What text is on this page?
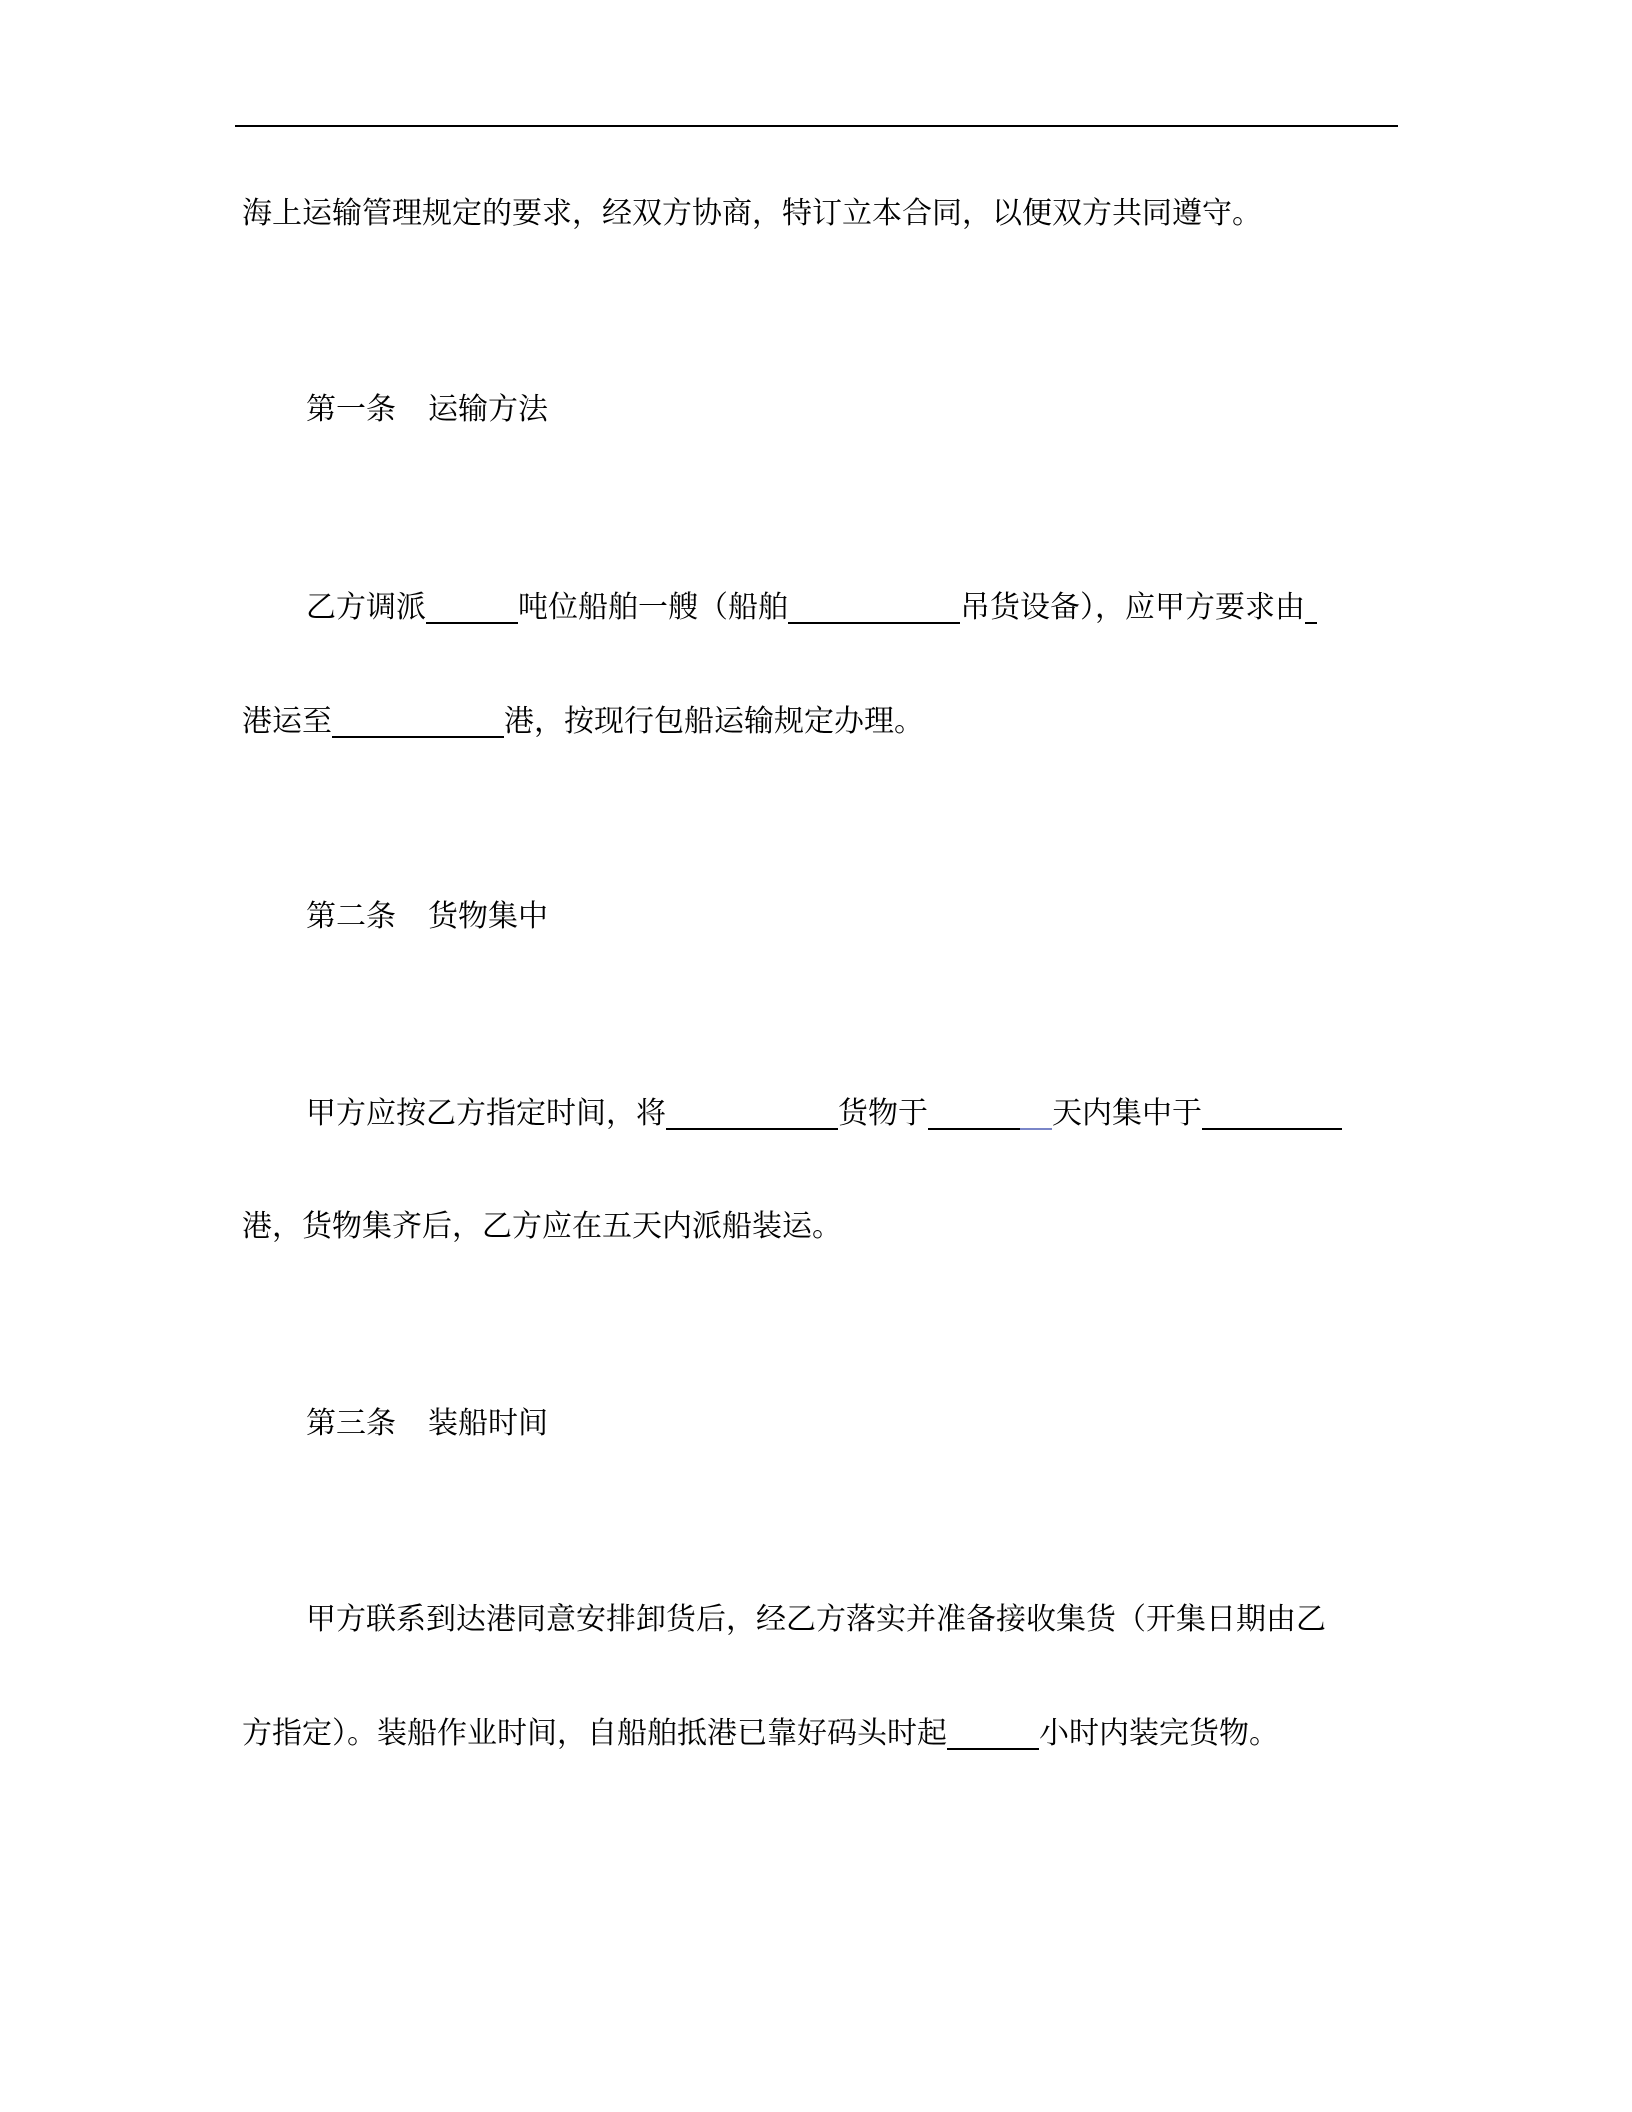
海上运输管理规定的要求，经双方协商，特订立本合同，以便双方共同遵守。

第一条 运输方法

乙方调派	吨位船舶一艘（船舶	吊货设备），应甲方要求由

港运至	港，按现行包船运输规定办理。

第二条 货物集中

甲方应按乙方指定时间，将	货物于	天内集中于

港，货物集齐后，乙方应在五天内派船装运。

第三条 装船时间

甲方联系到达港同意安排卸货后，经乙方落实并准备接收集货（开集日期由乙

方指定）。装船作业时间，自船舶抵港已靠好码头时起	小时内装完货物。
